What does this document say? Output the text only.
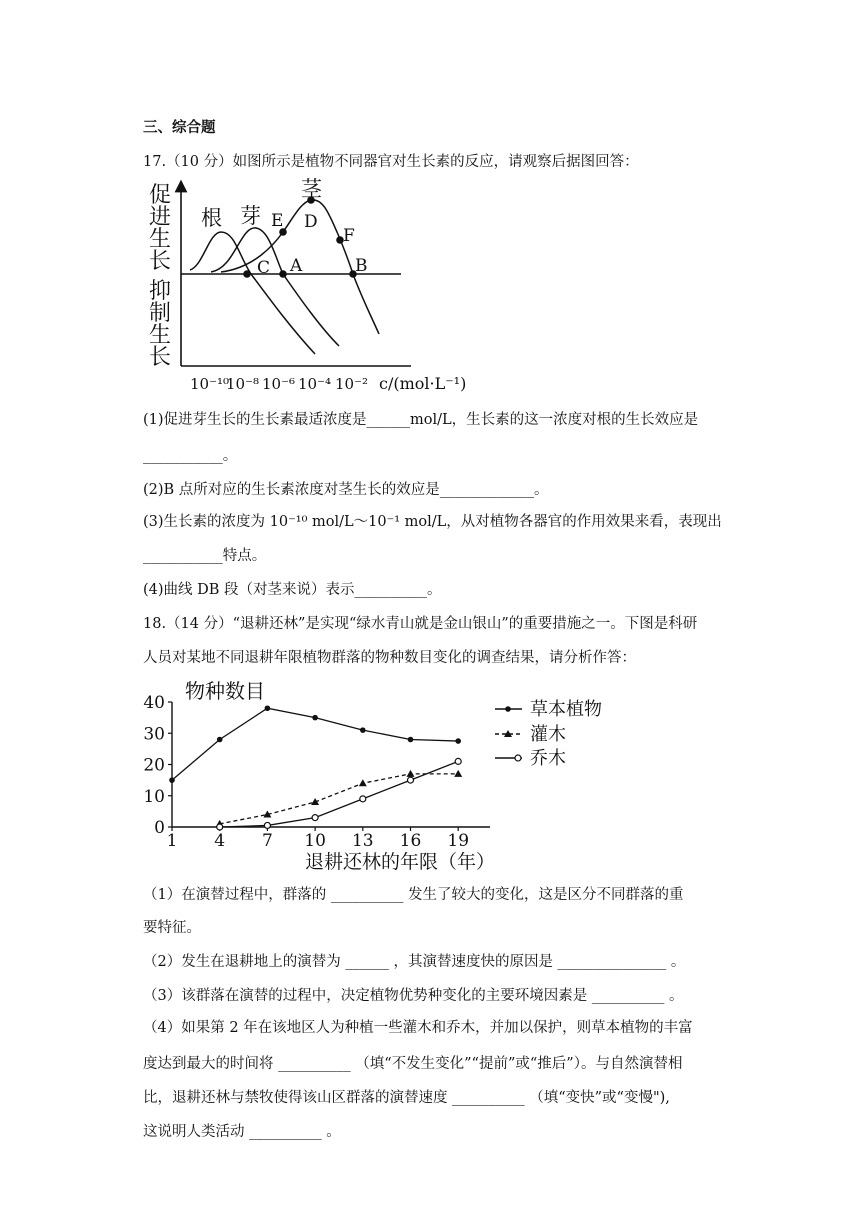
三、综合题
17.（10 分）如图所示是植物不同器官对生长素的反应，请观察后据图回答：
促进生长
抑制生长
根 芽
茎
E D
F
C A	B
10⁻¹⁰
10⁻⁸ 10⁻⁶ 10⁻⁴ 10⁻² c/(mol·L⁻¹)
(1)促进芽生长的生长素最适浓度是______mol/L，生长素的这一浓度对根的生长效应是
___________。
(2)B 点所对应的生长素浓度对茎生长的效应是_____________。
(3)生长素的浓度为 10⁻¹⁰ mol/L～10⁻¹ mol/L，从对植物各器官的作用效果来看，表现出
___________特点。
(4)曲线 DB 段（对茎来说）表示__________。
18.（14 分）“退耕还林”是实现“绿水青山就是金山银山”的重要措施之一。下图是科研
人员对某地不同退耕年限植物群落的物种数目变化的调查结果，请分析作答：
物种数目
退耕还林的年限（年）
0
10
20
30
40
1 4 7 10 13 16 19
草本植物
灌木
乔木
（1）在演替过程中，群落的 __________ 发生了较大的变化，这是区分不同群落的重
要特征。
（2）发生在退耕地上的演替为 ______ ，其演替速度快的原因是 _______________ 。
（3）该群落在演替的过程中，决定植物优势种变化的主要环境因素是 __________ 。
（4）如果第 2 年在该地区人为种植一些灌木和乔木，并加以保护，则草本植物的丰富
度达到最大的时间将 __________ （填“不发生变化”“提前”或“推后”）。与自然演替相
比，退耕还林与禁牧使得该山区群落的演替速度 __________ （填“变快”或“变慢"),
这说明人类活动 __________ 。
